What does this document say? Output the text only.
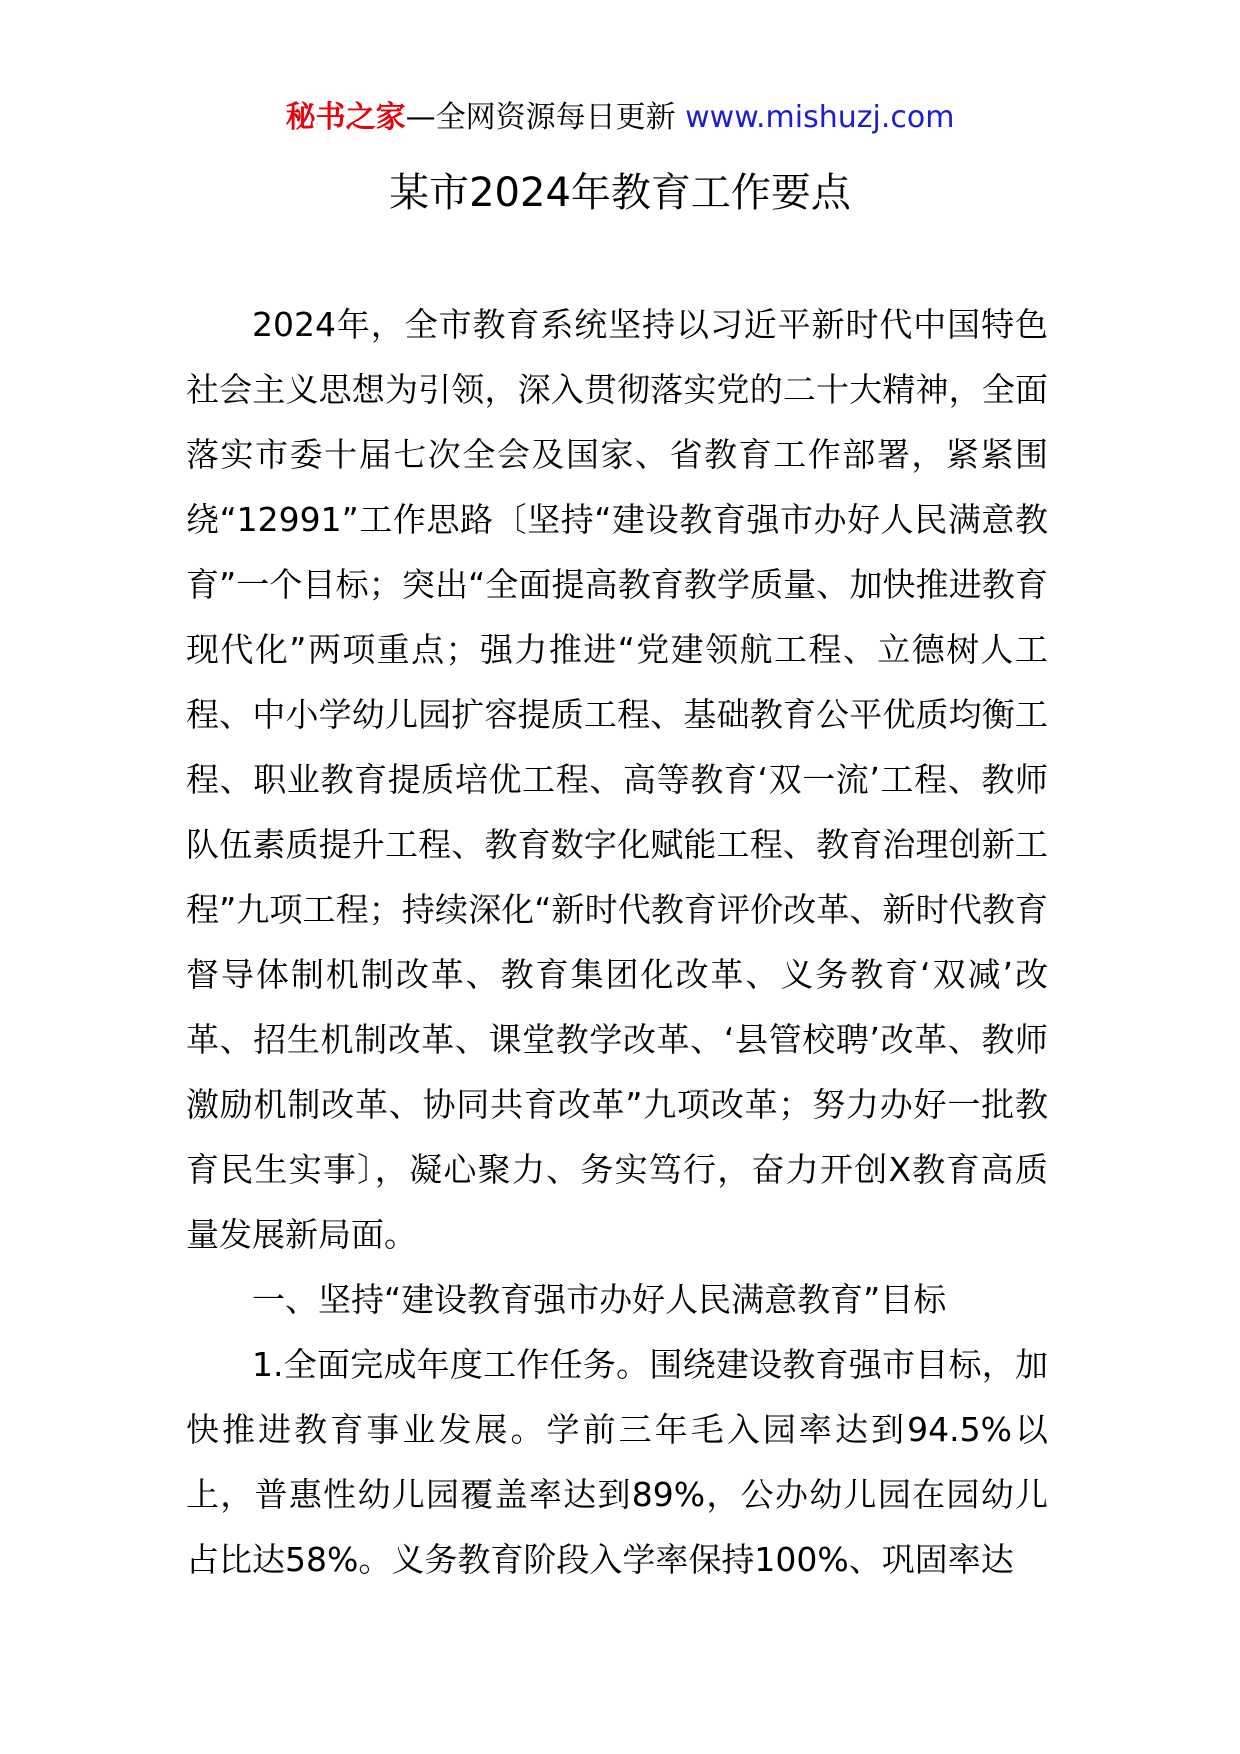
秘书之家—全网资源每日更新 www.mishuzj.com
某市2024年教育工作要点

2024年，全市教育系统坚持以习近平新时代中国特色社会主义思想为引领，深入贯彻落实党的二十大精神，全面落实市委十届七次全会及国家、省教育工作部署，紧紧围绕“12991”工作思路〔坚持“建设教育强市办好人民满意教育”一个目标；突出“全面提高教育教学质量、加快推进教育现代化”两项重点；强力推进“党建领航工程、立德树人工程、中小学幼儿园扩容提质工程、基础教育公平优质均衡工程、职业教育提质培优工程、高等教育‘双一流’工程、教师队伍素质提升工程、教育数字化赋能工程、教育治理创新工程”九项工程；持续深化“新时代教育评价改革、新时代教育督导体制机制改革、教育集团化改革、义务教育‘双减’改革、招生机制改革、课堂教学改革、‘县管校聘’改革、教师激励机制改革、协同共育改革”九项改革；努力办好一批教育民生实事〕，凝心聚力、务实笃行，奋力开创X教育高质量发展新局面。

一、坚持“建设教育强市办好人民满意教育”目标

1.全面完成年度工作任务。围绕建设教育强市目标，加快推进教育事业发展。学前三年毛入园率达到94.5%以上，普惠性幼儿园覆盖率达到89%，公办幼儿园在园幼儿占比达58%。义务教育阶段入学率保持100%、巩固率达
